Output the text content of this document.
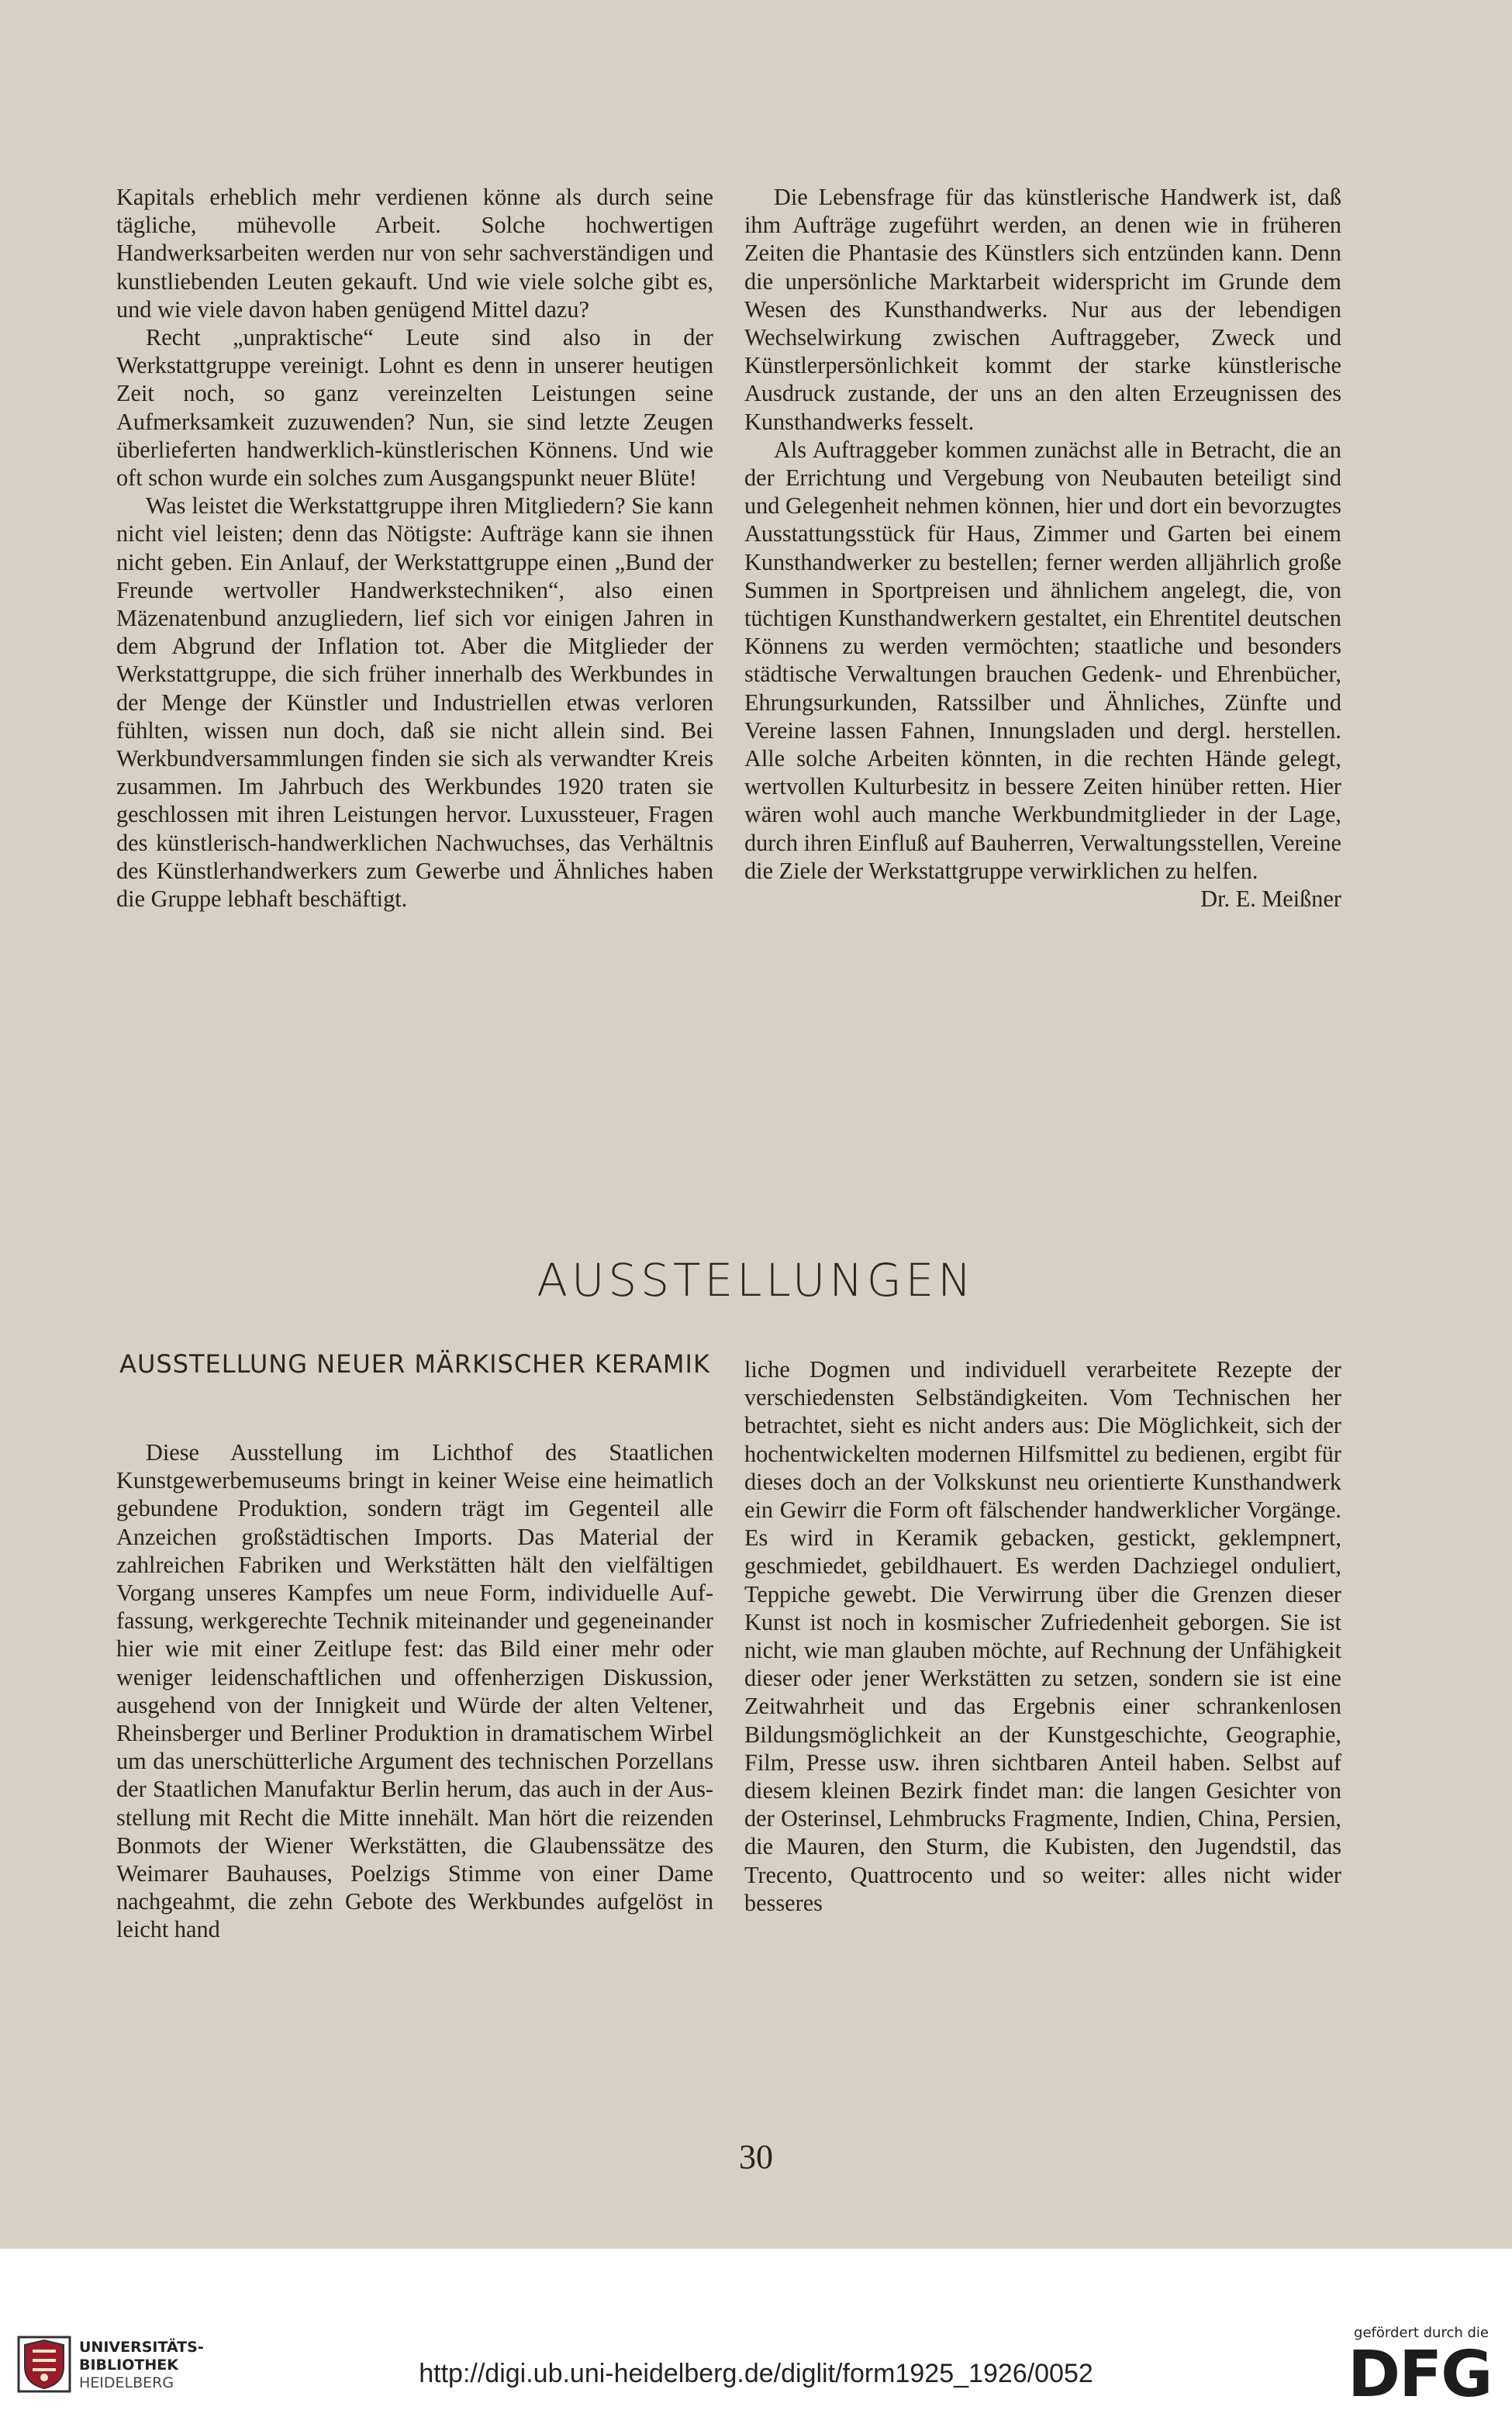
Kapitals erheblich mehr verdienen könne als durch seine tägliche, mühevolle Arbeit. Solche hochwertigen Handwerksarbeiten werden nur von sehr sachverständigen und kunstliebenden Leuten gekauft. Und wie viele solche gibt es, und wie viele davon haben genügend Mittel dazu?

Recht „unpraktische“ Leute sind also in der Werkstattgruppe vereinigt. Lohnt es denn in unserer heutigen Zeit noch, so ganz vereinzelten Leistungen seine Aufmerksamkeit zuzuwenden? Nun, sie sind letzte Zeugen überlieferten handwerklich-künstlerischen Könnens. Und wie oft schon wurde ein solches zum Ausgangspunkt neuer Blüte!

Was leistet die Werkstattgruppe ihren Mitgliedern? Sie kann nicht viel leisten; denn das Nötigste: Aufträge kann sie ihnen nicht geben. Ein Anlauf, der Werkstattgruppe einen „Bund der Freunde wertvoller Handwerkstechniken“, also einen Mäzenatenbund anzugliedern, lief sich vor einigen Jahren in dem Abgrund der Inflation tot. Aber die Mitglieder der Werkstattgruppe, die sich früher innerhalb des Werkbundes in der Menge der Künstler und Industriellen etwas verloren fühlten, wissen nun doch, daß sie nicht allein sind. Bei Werkbundversammlungen finden sie sich als verwandter Kreis zusammen. Im Jahrbuch des Werkbundes 1920 traten sie geschlossen mit ihren Leistungen hervor. Luxussteuer, Fragen des künstlerisch-handwerklichen Nachwuchses, das Verhältnis des Künstlerhandwerkers zum Gewerbe und Ähnliches haben die Gruppe lebhaft beschäftigt.

Die Lebensfrage für das künstlerische Handwerk ist, daß ihm Aufträge zugeführt werden, an denen wie in früheren Zeiten die Phantasie des Künstlers sich entzünden kann. Denn die unpersönliche Marktarbeit widerspricht im Grunde dem Wesen des Kunsthandwerks. Nur aus der lebendigen Wechselwirkung zwischen Auftraggeber, Zweck und Künstlerpersönlichkeit kommt der starke künstlerische Ausdruck zustande, der uns an den alten Erzeugnissen des Kunsthandwerks fesselt.

Als Auftraggeber kommen zunächst alle in Betracht, die an der Errichtung und Vergebung von Neubauten beteiligt sind und Gelegenheit nehmen können, hier und dort ein bevorzugtes Ausstattungsstück für Haus, Zimmer und Garten bei einem Kunsthandwerker zu bestellen; ferner werden alljährlich große Summen in Sportpreisen und ähnlichem angelegt, die, von tüchtigen Kunsthandwerkern gestaltet, ein Ehrentitel deutschen Könnens zu werden vermöchten; staatliche und besonders städtische Verwaltungen brauchen Gedenk- und Ehrenbücher, Ehrungsurkunden, Ratssilber und Ähnliches, Zünfte und Vereine lassen Fahnen, Innungsladen und dergl. herstellen. Alle solche Arbeiten könnten, in die rechten Hände gelegt, wertvollen Kulturbesitz in bessere Zeiten hinüber retten. Hier wären wohl auch manche Werkbundmitglieder in der Lage, durch ihren Einfluß auf Bauherren, Verwaltungsstellen, Vereine die Ziele der Werkstattgruppe verwirklichen zu helfen.

Dr. E. Meißner

AUSSTELLUNGEN
AUSSTELLUNG NEUER MÄRKISCHER KERAMIK

Diese Ausstellung im Lichthof des Staatlichen Kunstgewerbemuseums bringt in keiner Weise eine heimatlich gebundene Produktion, sondern trägt im Gegenteil alle Anzeichen großstädtischen Imports. Das Material der zahlreichen Fabriken und Werkstätten hält den vielfältigen Vorgang unseres Kampfes um neue Form, individuelle Auffassung, werkgerechte Technik miteinander und gegeneinander hier wie mit einer Zeitlupe fest: das Bild einer mehr oder weniger leidenschaftlichen und offenherzigen Diskussion, ausgehend von der Innigkeit und Würde der alten Veltener, Rheinsberger und Berliner Produktion in dramatischem Wirbel um das unerschütterliche Argument des technischen Porzellans der Staatlichen Manufaktur Berlin herum, das auch in der Ausstellung mit Recht die Mitte innehält. Man hört die reizenden Bonmots der Wiener Werkstätten, die Glaubenssätze des Weimarer Bauhauses, Poelzigs Stimme von einer Dame nachgeahmt, die zehn Gebote des Werkbundes aufgelöst in leicht hand

liche Dogmen und individuell verarbeitete Rezepte der verschiedensten Selbständigkeiten. Vom Technischen her betrachtet, sieht es nicht anders aus: Die Möglichkeit, sich der hochentwickelten modernen Hilfsmittel zu bedienen, ergibt für dieses doch an der Volkskunst neu orientierte Kunsthandwerk ein Gewirr die Form oft fälschender handwerklicher Vorgänge. Es wird in Keramik gebacken, gestickt, geklempnert, geschmiedet, gebildhauert. Es werden Dachziegel onduliert, Teppiche gewebt. Die Verwirrung über die Grenzen dieser Kunst ist noch in kosmischer Zufriedenheit geborgen. Sie ist nicht, wie man glauben möchte, auf Rechnung der Unfähigkeit dieser oder jener Werkstätten zu setzen, sondern sie ist eine Zeitwahrheit und das Ergebnis einer schrankenlosen Bildungsmöglichkeit an der Kunstgeschichte, Geographie, Film, Presse usw. ihren sichtbaren Anteil haben. Selbst auf diesem kleinen Bezirk findet man: die langen Gesichter von der Osterinsel, Lehmbrucks Fragmente, Indien, China, Persien, die Mauren, den Sturm, die Kubisten, den Jugendstil, das Trecento, Quattrocento und so weiter: alles nicht wider besseres

30
UNIVERSITÄTS-
BIBLIOTHEK
HEIDELBERG	http://digi.ub.uni-heidelberg.de/diglit/form1925_1926/0052
gefördert durch die
DFG
